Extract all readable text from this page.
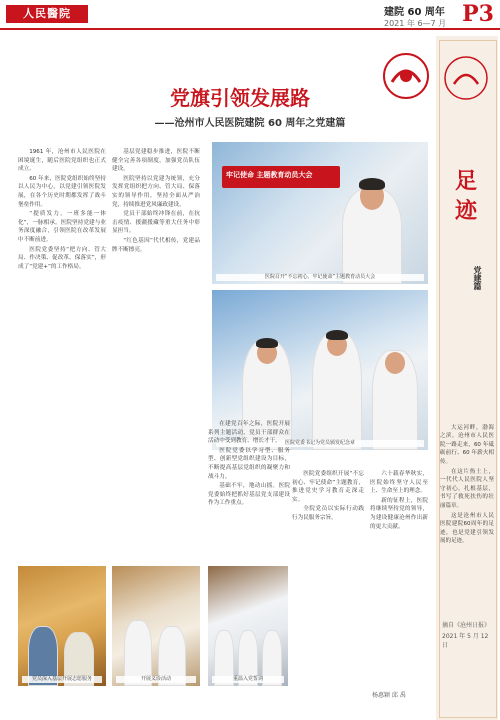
人民醫院	建院 60 周年
2021 年 6—7 月 P3
党旗引领发展路
——沧州市人民医院建院 60 周年之党建篇

1961 年，沧州市人民医院在困境诞生，随后医院党组织也正式成立。

60 年来，医院党组织始终坚持以人民为中心，以党建引领医院发展，在各个历史时期都发挥了战斗堡垒作用。

“提质发力，一班多能一体化”，一脉相承。医院坚持党建与业务深度融合，引领医院在改革发展中不断前进。

医院党委坚持“把方向、管大局、作决策、促改革、保落实”，形成了“党建+”的工作格局。

基层党建稳步推进，医院不断健全完善各项制度，加强党员队伍建设。

医院坚持以党建为统领，充分发挥党组织把方向、管大局、保落实的领导作用，坚持全面从严治党，持续推进党风廉政建设。

党员干部始终冲锋在前，在抗击疫情、援疆援藏等重大任务中彰显担当。

“红色基因”代代相传，党建品牌不断擦亮。

牢记使命 主题教育动员大会
医院召开“不忘初心、牢记使命”主题教育动员大会
医院党委书记为党员颁发纪念章

在建党百年之际，医院开展系列主题活动，党员干部群众在活动中受到教育、增长才干。

医院党委以学习型、服务型、创新型党组织建设为目标，不断提高基层党组织的凝聚力和战斗力。

基础不牢，地动山摇。医院党委始终把抓好基层党支部建设作为工作重点。

医院党委组织开展“不忘初心、牢记使命”主题教育，推进党史学习教育走深走实。

全院党员以实际行动践行为民服务宗旨。

六十载春华秋实，医院始终坚守人民至上、生命至上的理念。

新的征程上，医院将继续坚持党的领导，为建设健康沧州作出新的更大贡献。

杨惠颖 邱 禹
党员深入基层开展志愿服务	开展义诊活动	重温入党誓词
足
迹
党建篇

大运河畔，渤海之滨，沧州市人民医院一路走来，60 年砥砺前行、60 年薪火相传。

在这片热土上，一代代人民医院人坚守初心，扎根基层，书写了救死扶伤的壮丽篇章。

这是沧州市人民医院建院60周年的足迹，也是党建引领发展的足迹。

摘自《沧州日报》
2021 年 5 月 12 日
